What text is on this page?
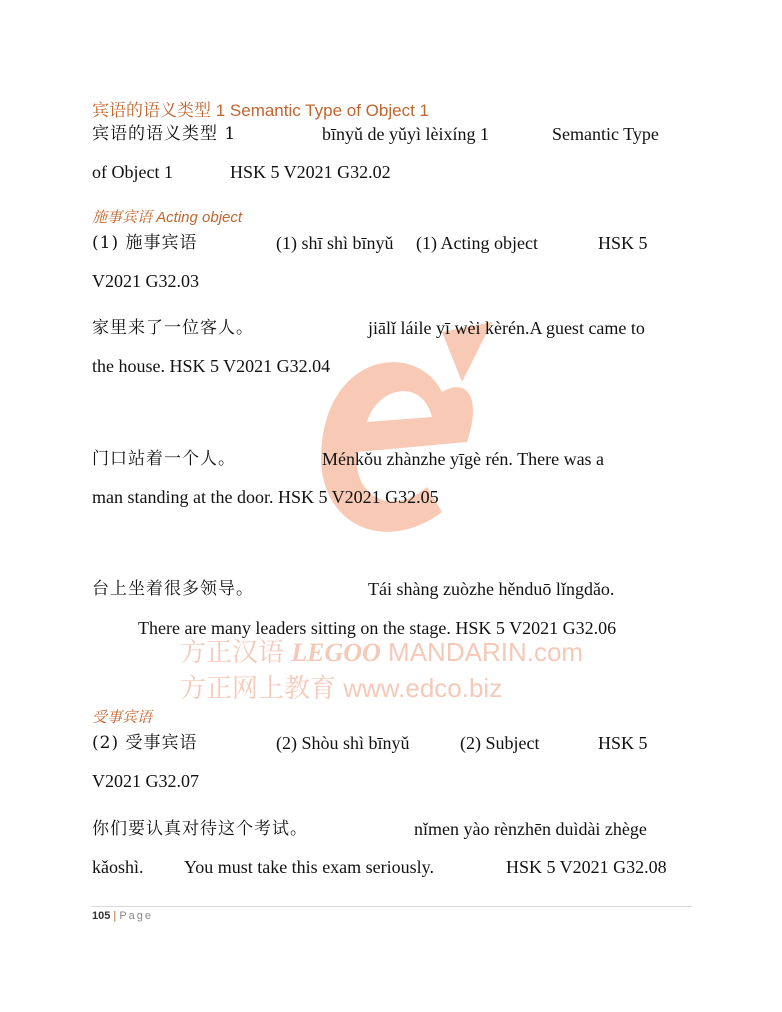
方正汉语 LEGOO MANDARIN.com
方正网上教育 www.edco.biz
宾语的语义类型 1 Semantic Type of Object 1
宾语的语义类型 1	bīnyǔ de yǔyì lèixíng 1	Semantic Type
of Object 1	HSK 5 V2021 G32.02
施事宾语 Acting object
(1) 施事宾语	(1) shī shì bīnyǔ (1) Acting object	HSK 5
V2021 G32.03
家里来了一位客人。	jiālǐ láile yī wèi kèrén.A guest came to
the house. HSK 5 V2021 G32.04
门口站着一个人。	Ménkǒu zhànzhe yīgè rén. There was a
man standing at the door. HSK 5 V2021 G32.05
台上坐着很多领导。	Tái shàng zuòzhe hěnduō lǐngdǎo.
There are many leaders sitting on the stage. HSK 5 V2021 G32.06
受事宾语
(2) 受事宾语	(2) Shòu shì bīnyǔ	(2) Subject	HSK 5
V2021 G32.07
你们要认真对待这个考试。	nǐmen yào rènzhēn duìdài zhège
kǎoshì. You must take this exam seriously.	HSK 5 V2021 G32.08
105 | Page
